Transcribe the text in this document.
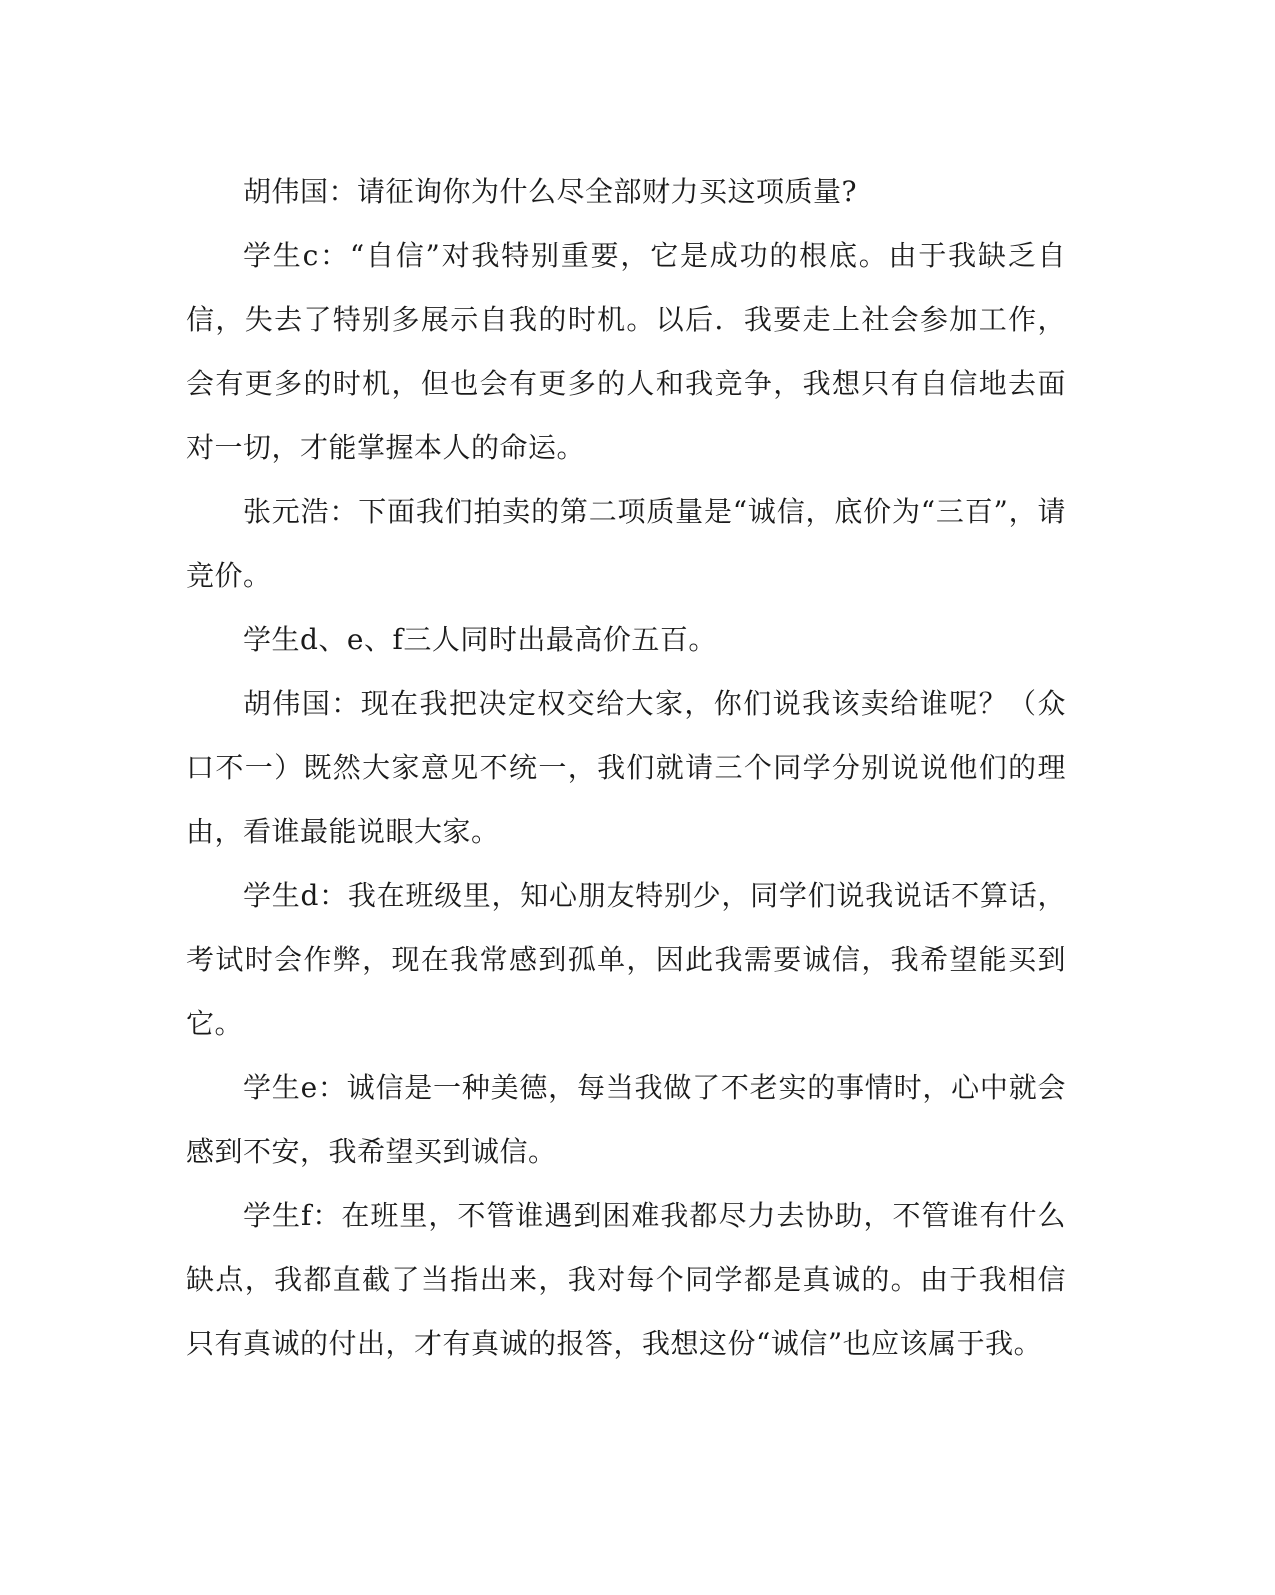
胡伟国：请征询你为什么尽全部财力买这项质量?

学生c：“自信”对我特别重要，它是成功的根底。由于我缺乏自信，失去了特别多展示自我的时机。以后．我要走上社会参加工作，会有更多的时机，但也会有更多的人和我竞争，我想只有自信地去面对一切，才能掌握本人的命运。

张元浩：下面我们拍卖的第二项质量是“诚信，底价为“三百”，请竞价。

学生d、e、f三人同时出最高价五百。

胡伟国：现在我把决定权交给大家，你们说我该卖给谁呢？（众口不一）既然大家意见不统一，我们就请三个同学分别说说他们的理由，看谁最能说眼大家。

学生d：我在班级里，知心朋友特别少，同学们说我说话不算话，考试时会作弊，现在我常感到孤单，因此我需要诚信，我希望能买到它。

学生e：诚信是一种美德，每当我做了不老实的事情时，心中就会感到不安，我希望买到诚信。

学生f：在班里，不管谁遇到困难我都尽力去协助，不管谁有什么缺点，我都直截了当指出来，我对每个同学都是真诚的。由于我相信只有真诚的付出，才有真诚的报答，我想这份“诚信”也应该属于我。
